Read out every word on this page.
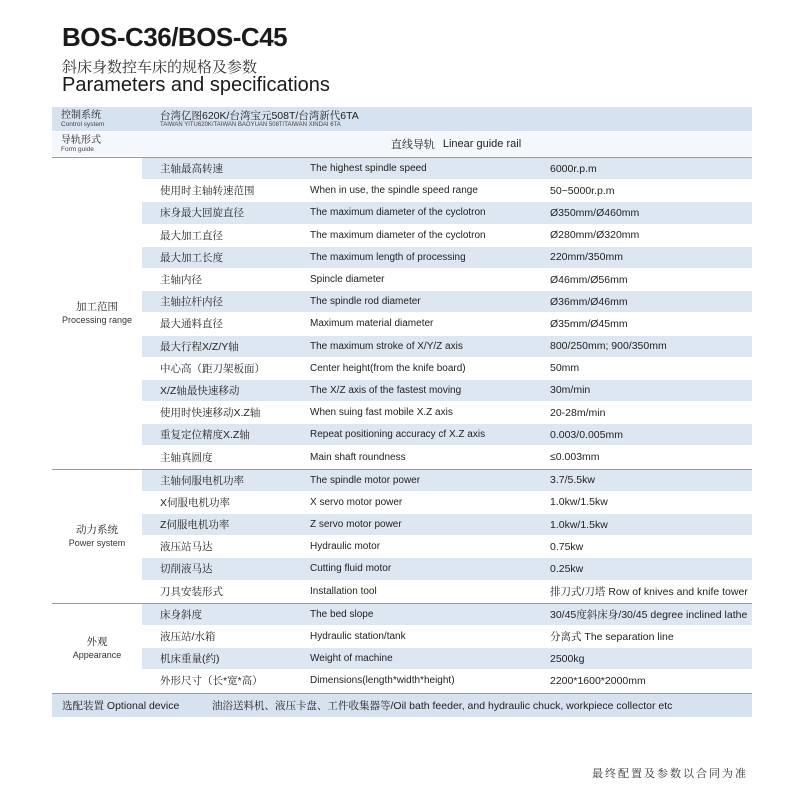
BOS-C36/BOS-C45
斜床身数控车床的规格及参数
Parameters and specifications
控制系统
Control system
台湾亿图620K/台湾宝元508T/台湾新代6TA
TAIWAN YITU620K/TAIWAN BAOYUAN 508T/TAIWAN XINDAI 6TA
导轨形式
Form guide	直线导轨 Linear guide rail
加工范围
Processing range
主轴最高转速	The highest spindle speed	6000r.p.m
使用时主轴转速范围	When in use, the spindle speed range	50~5000r.p.m
床身最大回旋直径	The maximum diameter of the cyclotron	Ø350mm/Ø460mm
最大加工直径	The maximum diameter of the cyclotron	Ø280mm/Ø320mm
最大加工长度	The maximum length of processing	220mm/350mm
主轴内径	Spincle diameter	Ø46mm/Ø56mm
主轴拉杆内径	The spindle rod diameter	Ø36mm/Ø46mm
最大通料直径	Maximum material diameter	Ø35mm/Ø45mm
最大行程X/Z/Y轴	The maximum stroke of X/Y/Z axis	800/250mm; 900/350mm
中心高（距刀架板面）	Center height(from the knife board)	50mm
X/Z轴最快速移动	The X/Z axis of the fastest moving	30m/min
使用时快速移动X.Z轴	When suing fast mobile X.Z axis	20-28m/min
重复定位精度X.Z轴	Repeat positioning accuracy cf X.Z axis	0.003/0.005mm
主轴真圆度	Main shaft roundness	≤0.003mm
动力系统
Power system
主轴伺服电机功率	The spindle motor power	3.7/5.5kw
X伺服电机功率	X servo motor power	1.0kw/1.5kw
Z伺服电机功率	Z servo motor power	1.0kw/1.5kw
液压站马达	Hydraulic motor	0.75kw
切削液马达	Cutting fluid motor	0.25kw
刀具安装形式	Installation tool	排刀式/刀塔 Row of knives and knife tower
外观
Appearance
床身斜度	The bed slope	30/45度斜床身/30/45 degree inclined lathe
液压站/水箱	Hydraulic station/tank	分离式 The separation line
机床重量(约)	Weight of machine	2500kg
外形尺寸（长*宽*高）	Dimensions(length*width*height)	2200*1600*2000mm
选配装置 Optional device	油浴送料机、液压卡盘、工件收集器等/Oil bath feeder, and hydraulic chuck, workpiece collector etc
最终配置及参数以合同为准
